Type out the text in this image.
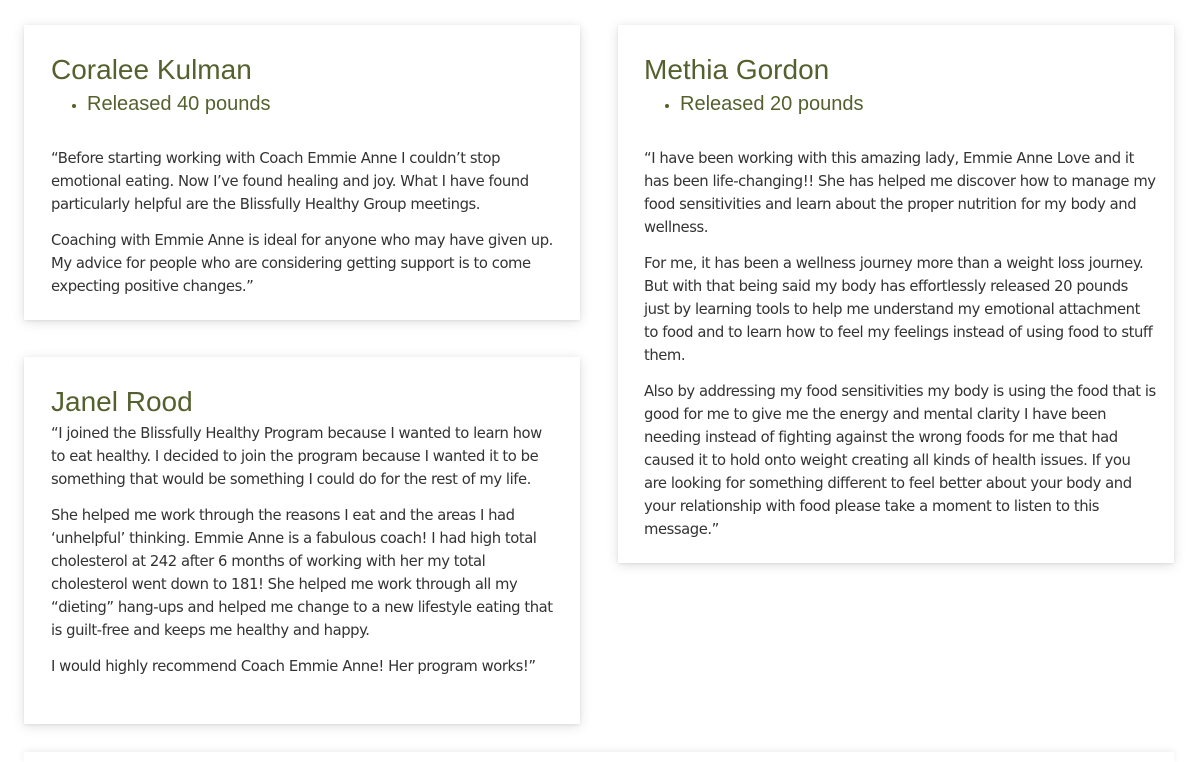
Coralee Kulman
• Released 40 pounds

“Before starting working with Coach Emmie Anne I couldn’t stop emotional eating. Now I’ve found healing and joy. What I have found particularly helpful are the Blissfully Healthy Group meetings.

Coaching with Emmie Anne is ideal for anyone who may have given up. My advice for people who are considering getting support is to come expecting positive changes.”

Janel Rood

“I joined the Blissfully Healthy Program because I wanted to learn how to eat healthy. I decided to join the program because I wanted it to be something that would be something I could do for the rest of my life.

She helped me work through the reasons I eat and the areas I had ‘unhelpful’ thinking. Emmie Anne is a fabulous coach! I had high total cholesterol at 242 after 6 months of working with her my total cholesterol went down to 181! She helped me work through all my “dieting” hang-ups and helped me change to a new lifestyle eating that is guilt-free and keeps me healthy and happy.

I would highly recommend Coach Emmie Anne! Her program works!”

Methia Gordon
• Released 20 pounds

“I have been working with this amazing lady, Emmie Anne Love and it has been life-changing!! She has helped me discover how to manage my food sensitivities and learn about the proper nutrition for my body and wellness.

For me, it has been a wellness journey more than a weight loss journey. But with that being said my body has effortlessly released 20 pounds just by learning tools to help me understand my emotional attachment to food and to learn how to feel my feelings instead of using food to stuff them.

Also by addressing my food sensitivities my body is using the food that is good for me to give me the energy and mental clarity I have been needing instead of fighting against the wrong foods for me that had caused it to hold onto weight creating all kinds of health issues. If you are looking for something different to feel better about your body and your relationship with food please take a moment to listen to this message.”
